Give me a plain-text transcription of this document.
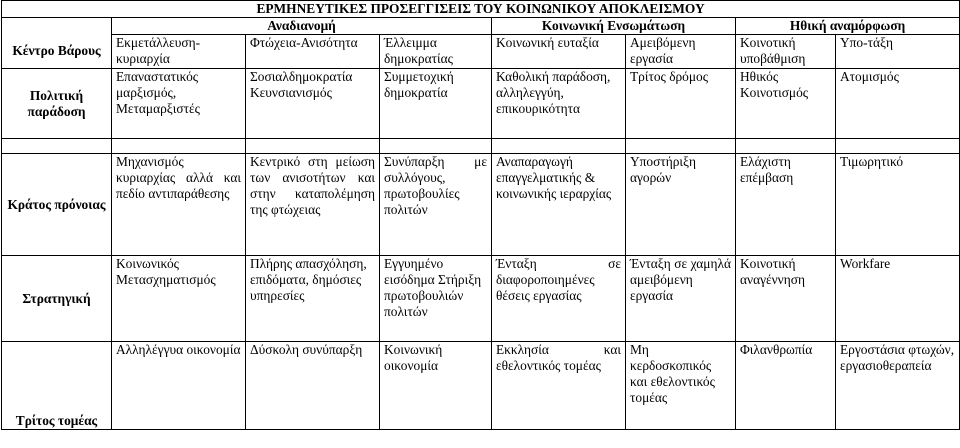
ΕΡΜΗΝΕΥΤΙΚΕΣ ΠΡΟΣΕΓΓΙΣΕΙΣ ΤΟΥ ΚΟΙΝΩΝΙΚΟΥ ΑΠΟΚΛΕΙΣΜΟΥ							
	Αναδιανομή			Κοινωνική Ενσωμάτωση		Ηθική αναμόρφωση	
Κέντρο Βάρους	Εκμετάλλευση-κυριαρχία	Φτώχεια-Ανισότητα	Έλλειμμα δημοκρατίας	Κοινωνική ευταξία	Αμειβόμενη εργασία	Κοινοτική υποβάθμιση	Υπο-τάξη
Πολιτική παράδοση	Επαναστατικός μαρξισμός, Μεταμαρξιστές	Σοσιαλδημοκρατία Κευνσιανισμός	Συμμετοχική δημοκρατία	Καθολική παράδοση, αλληλεγγύη, επικουρικότητα	Τρίτος δρόμος	Ηθικός Κοινοτισμός	Ατομισμός

Κράτος πρόνοιας	Μηχανισμός κυριαρχίας αλλά και πεδίο αντιπαράθεσης	Κεντρικό στη μείωση των ανισοτήτων και στην καταπολέμηση της φτώχειας	Συνύπαρξη με συλλόγους, πρωτοβουλίες πολιτών	Αναπαραγωγή επαγγελματικής & κοινωνικής ιεραρχίας	Υποστήριξη αγορών	Ελάχιστη επέμβαση	Τιμωρητικό
Στρατηγική	Κοινωνικός Μετασχηματισμός	Πλήρης απασχόληση, επιδόματα, δημόσιες υπηρεσίες	Εγγυημένο εισόδημα Στήριξη πρωτοβουλιών πολιτών	Ένταξη σε διαφοροποιημένες θέσεις εργασίας	Ένταξη σε χαμηλά αμειβόμενη εργασία	Κοινοτική αναγέννηση	Workfare
Τρίτος τομέας	Αλληλέγγυα οικονομία	Δύσκολη συνύπαρξη	Κοινωνική οικονομία	Εκκλησία και εθελοντικός τομέας	Μη κερδοσκοπικός και εθελοντικός τομέας	Φιλανθρωπία	Εργοστάσια φτωχών, εργασιοθεραπεία
